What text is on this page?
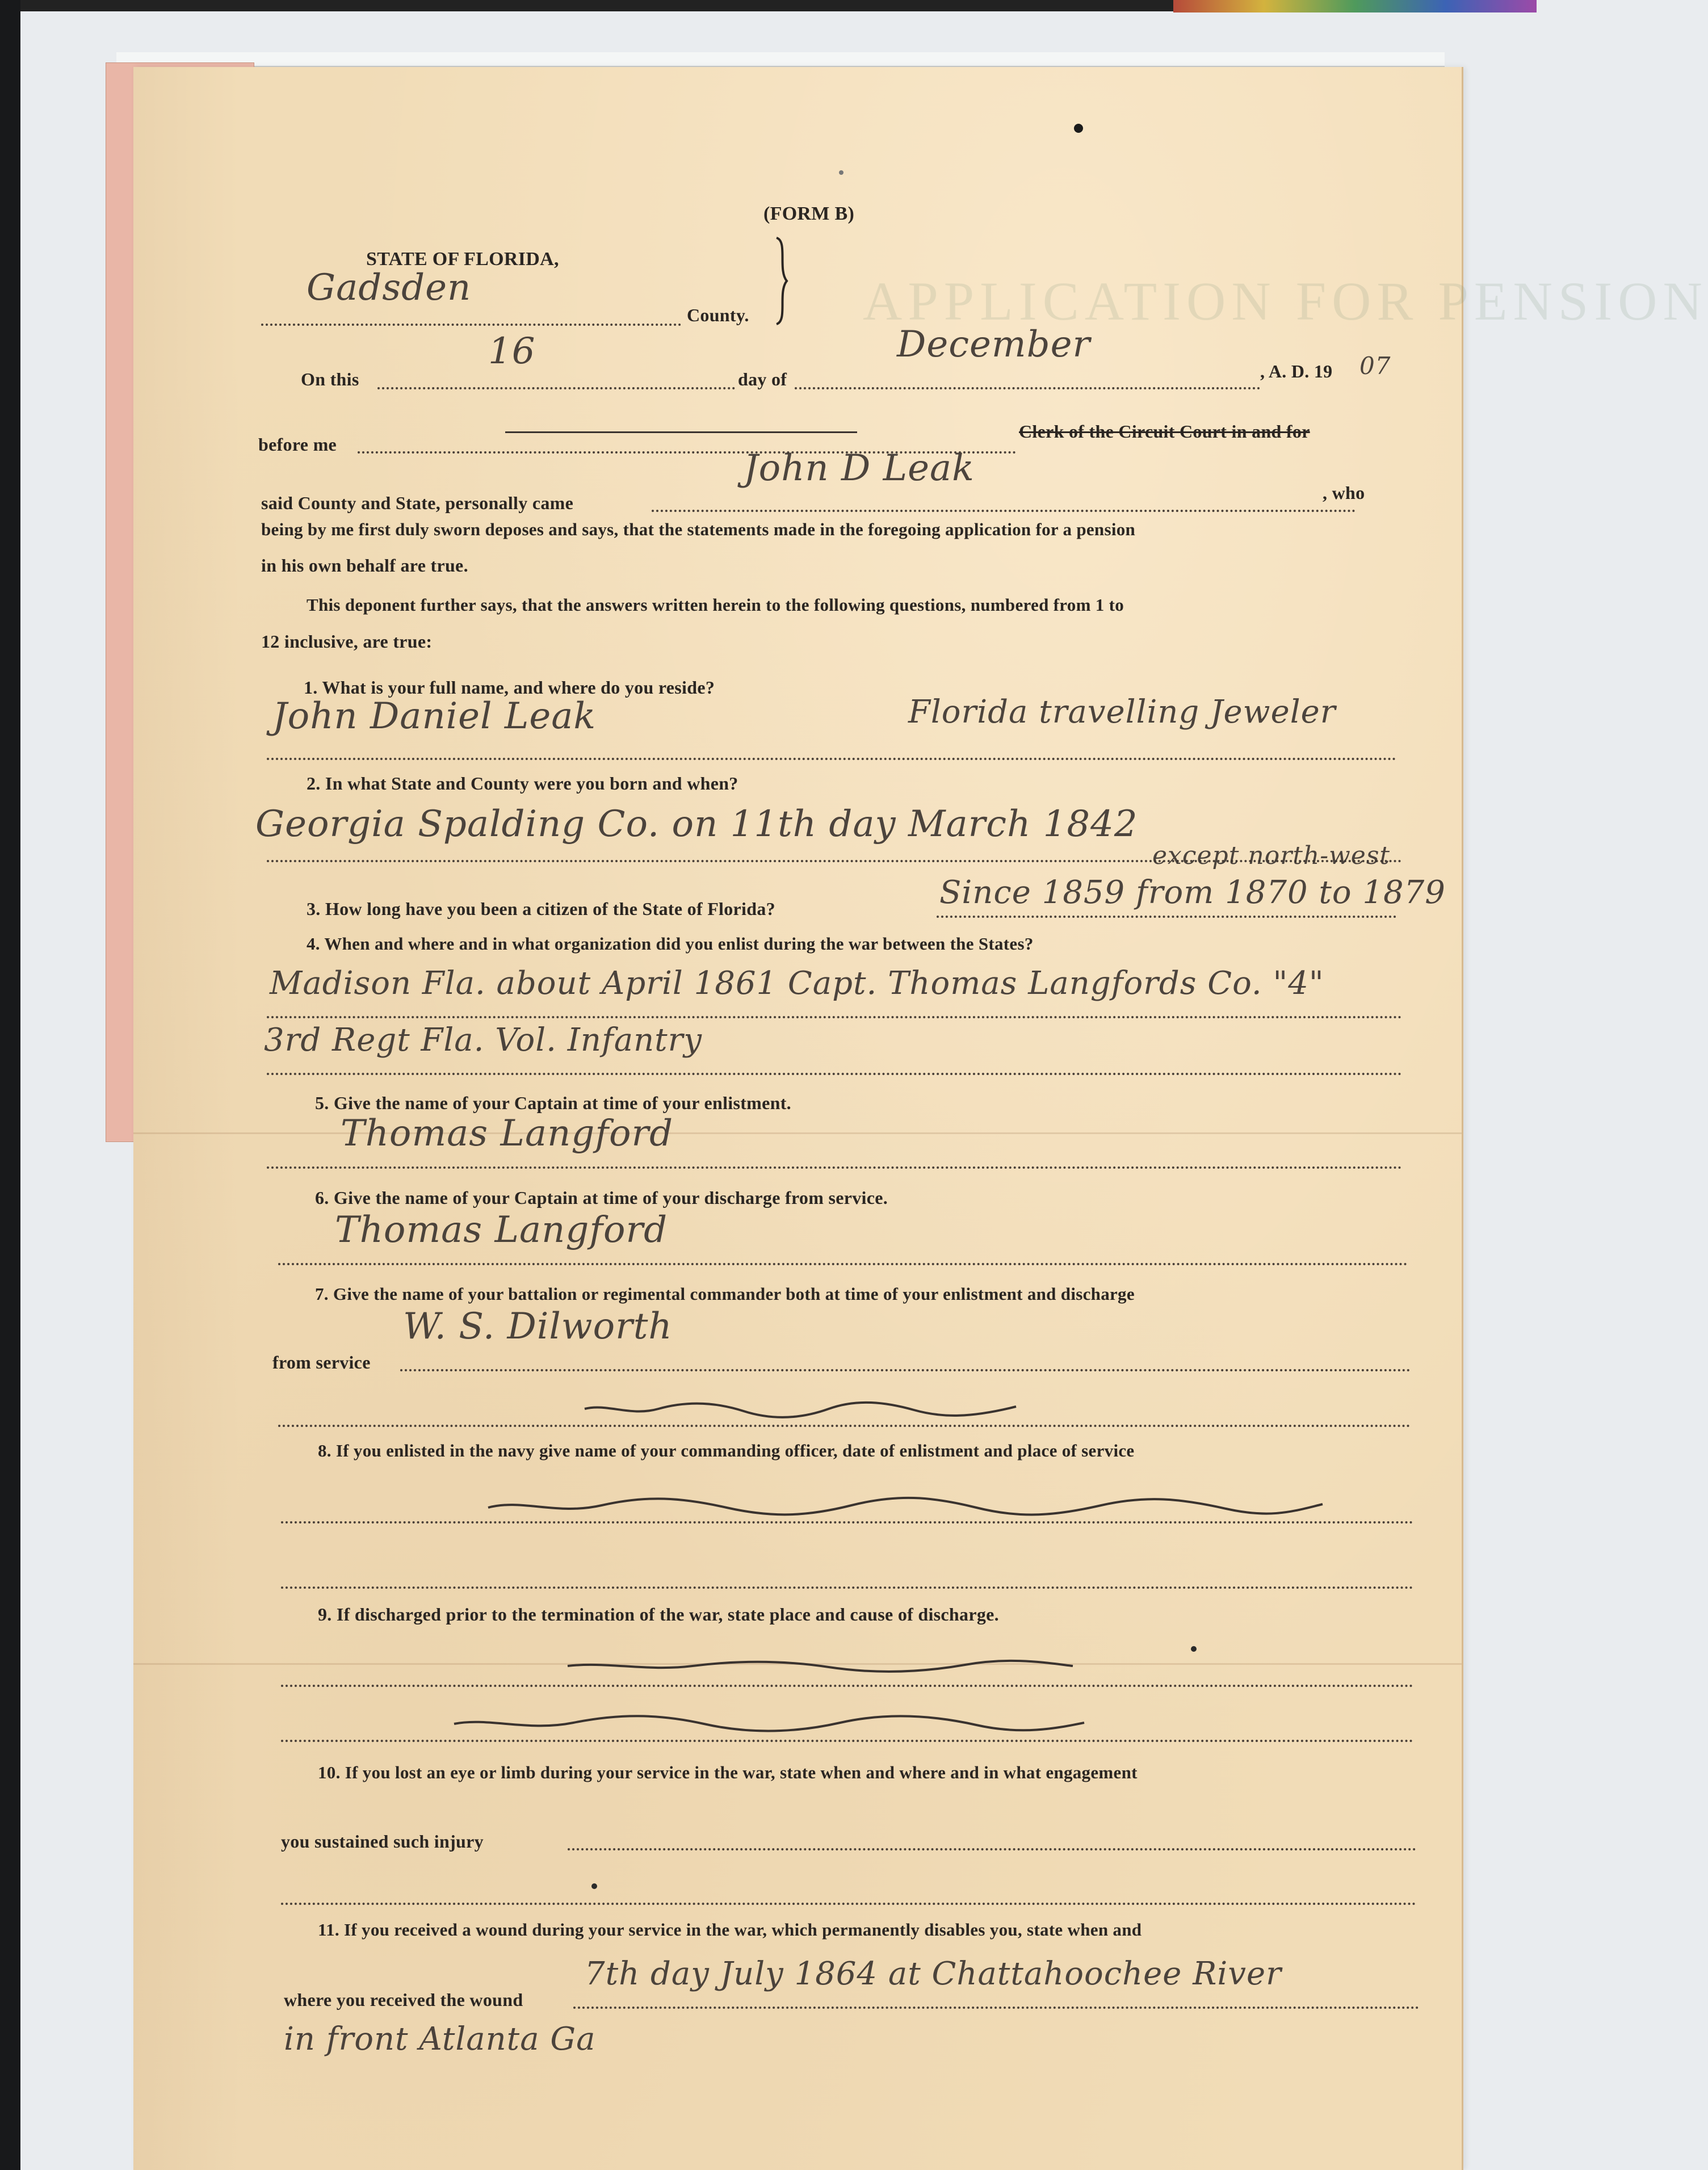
APPLICATION FOR PENSION
(FORM B)
STATE OF FLORIDA,
Gadsden
County.
On this
16
day of
December
, A. D. 19 07
before me
Clerk of the Circuit Court in and for
said County and State, personally came
John D Leak
, who
being by me first duly sworn deposes and says, that the statements made in the foregoing application for a pension
in his own behalf are true.
This deponent further says, that the answers written herein to the following questions, numbered from 1 to
12 inclusive, are true:
1. What is your full name, and where do you reside?
John Daniel Leak	Florida travelling Jeweler
2. In what State and County were you born and when?
Georgia Spalding Co. on 11th day March 1842
3. How long have you been a citizen of the State of Florida?	Since 1859 from 1870 to 1879
except north-west
4. When and where and in what organization did you enlist during the war between the States?
Madison Fla. about April 1861 Capt. Thomas Langfords Co. "4"
3rd Regt Fla. Vol. Infantry
5. Give the name of your Captain at time of your enlistment.
Thomas Langford
6. Give the name of your Captain at time of your discharge from service.
Thomas Langford
7. Give the name of your battalion or regimental commander both at time of your enlistment and discharge
from service
W. S. Dilworth
8. If you enlisted in the navy give name of your commanding officer, date of enlistment and place of service
9. If discharged prior to the termination of the war, state place and cause of discharge.
10. If you lost an eye or limb during your service in the war, state when and where and in what engagement
you sustained such injury
11. If you received a wound during your service in the war, which permanently disables you, state when and
where you received the wound
7th day July 1864 at Chattahoochee River
in front Atlanta Ga
